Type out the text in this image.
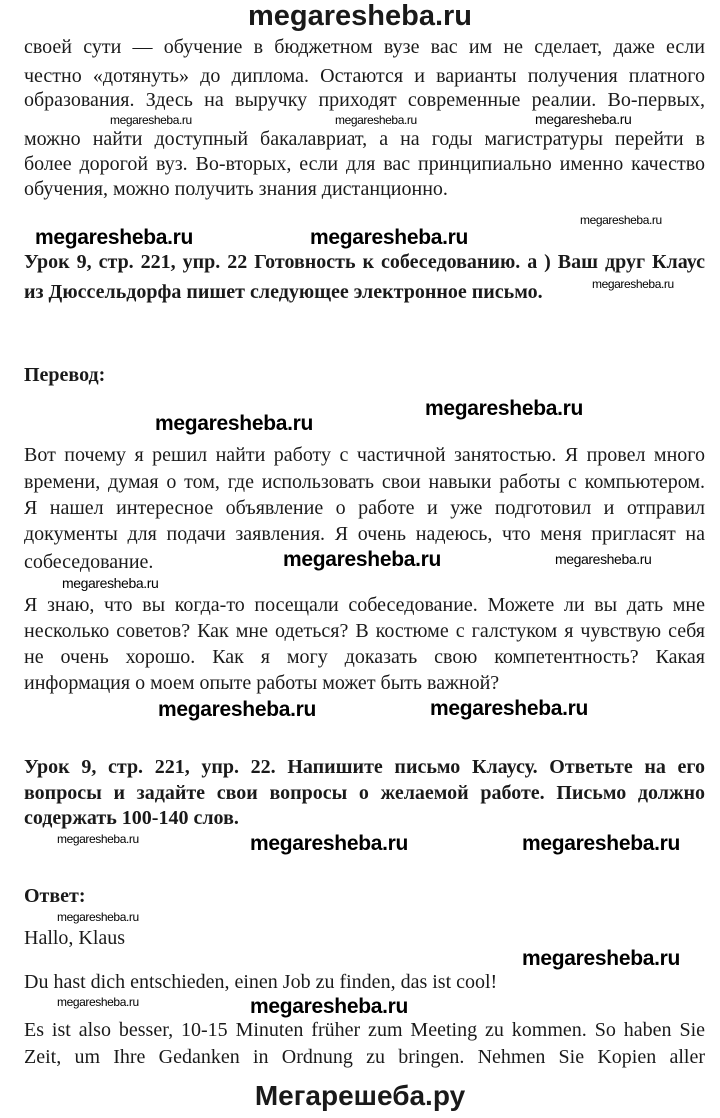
megaresheba.ru
своей сути — обучение в бюджетном вузе вас им не сделает, даже если
честно «дотянуть» до диплома. Остаются и варианты получения платного
образования. Здесь на выручку приходят современные реалии. Во-первых,
можно найти доступный бакалавриат, а на годы магистратуры перейти в
более дорогой вуз. Во-вторых, если для вас принципиально именно качество
обучения, можно получить знания дистанционно.
megaresheba.ru	megaresheba.ru	megaresheba.ru
megaresheba.ru
megaresheba.ru	megaresheba.ru
megaresheba.ru
Урок 9, стр. 221, упр. 22 Готовность к собеседованию. а ) Ваш друг Клаус
из Дюссельдорфа пишет следующее электронное письмо.
Перевод:
megaresheba.ru
megaresheba.ru
Вот почему я решил найти работу с частичной занятостью. Я провел много
времени, думая о том, где использовать свои навыки работы с компьютером.
Я нашел интересное объявление о работе и уже подготовил и отправил
документы для подачи заявления. Я очень надеюсь, что меня пригласят на
собеседование.	megaresheba.ru	megaresheba.ru
megaresheba.ru
Я знаю, что вы когда-то посещали собеседование. Можете ли вы дать мне
несколько советов? Как мне одеться? В костюме с галстуком я чувствую себя
не очень хорошо. Как я могу доказать свою компетентность? Какая
информация о моем опыте работы может быть важной?
megaresheba.ru	megaresheba.ru
Урок 9, стр. 221, упр. 22. Напишите письмо Клаусу. Ответьте на его
вопросы и задайте свои вопросы о желаемой работе. Письмо должно
содержать 100-140 слов.
megaresheba.ru	megaresheba.ru	megaresheba.ru
Ответ:
megaresheba.ru
Hallo, Klaus
megaresheba.ru
Du hast dich entschieden, einen Job zu finden, das ist cool!
megaresheba.ru	megaresheba.ru
Es ist also besser, 10-15 Minuten früher zum Meeting zu kommen. So haben Sie
Zeit, um Ihre Gedanken in Ordnung zu bringen. Nehmen Sie Kopien aller
Мегарешеба.ру
